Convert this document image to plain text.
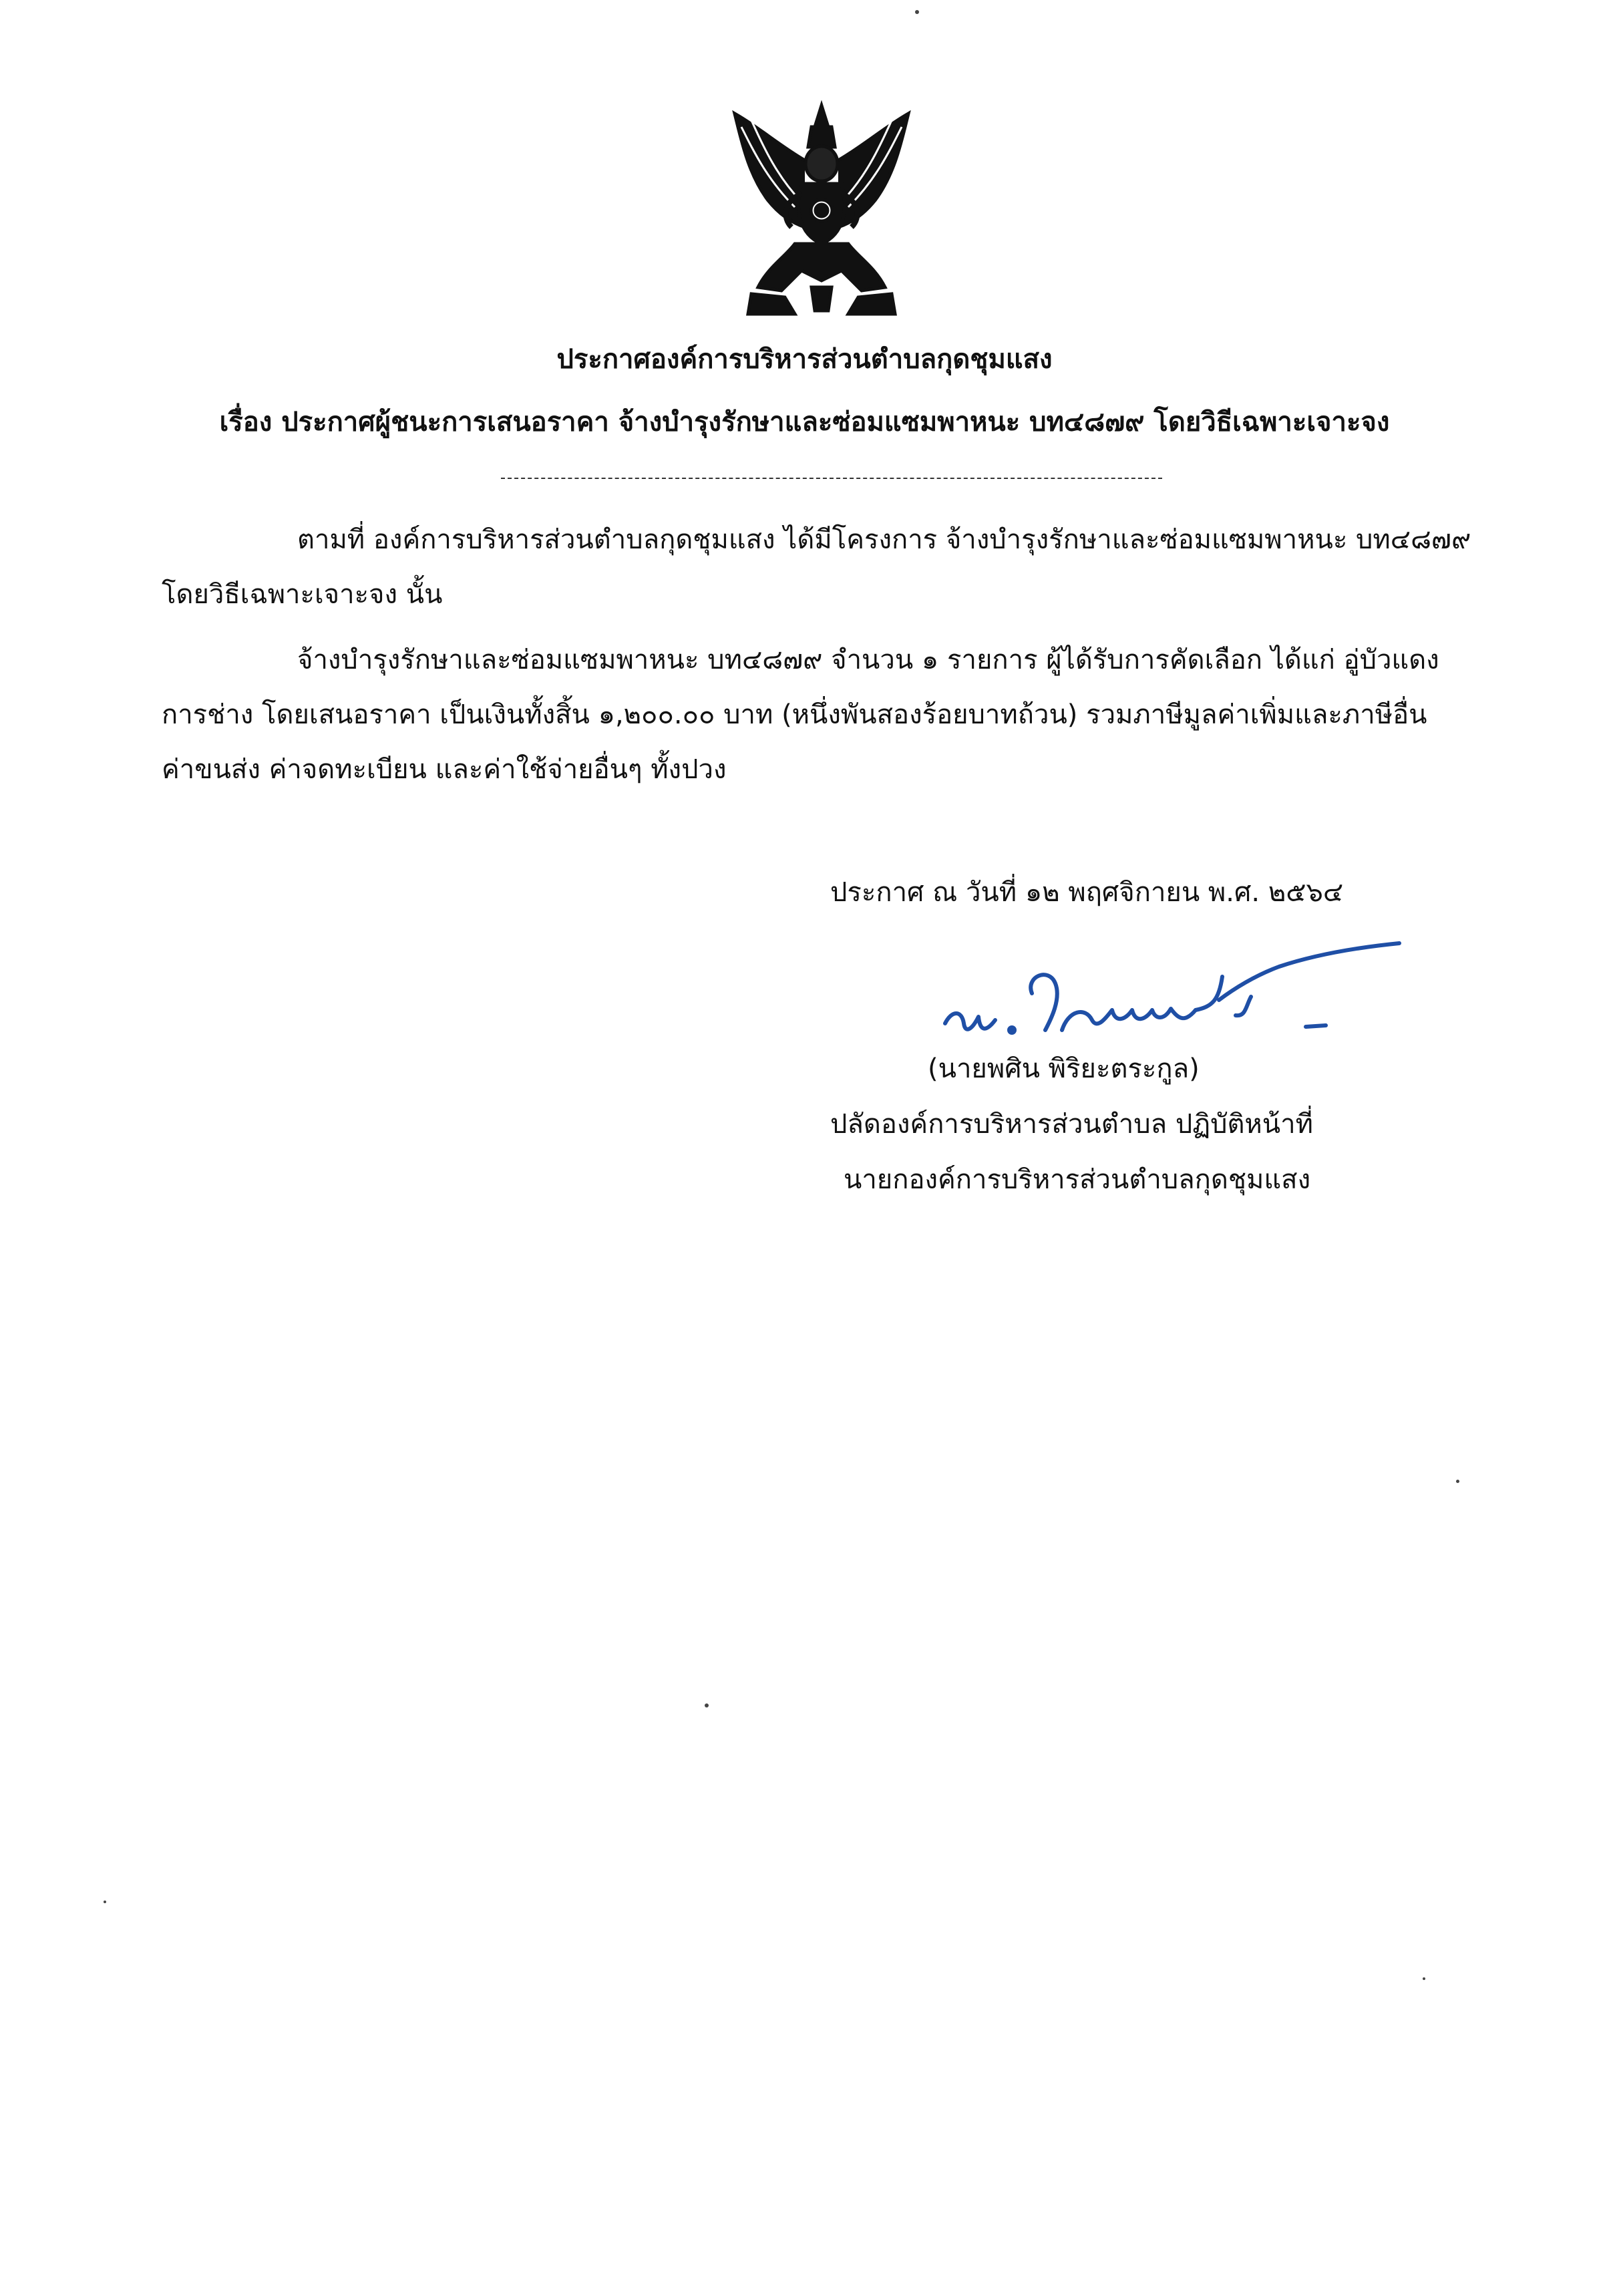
ประกาศองค์การบริหารส่วนตำบลกุดชุมแสง
เรื่อง ประกาศผู้ชนะการเสนอราคา จ้างบำรุงรักษาและซ่อมแซมพาหนะ บท๔๘๗๙ โดยวิธีเฉพาะเจาะจง
ตามที่ องค์การบริหารส่วนตำบลกุดชุมแสง ได้มีโครงการ จ้างบำรุงรักษาและซ่อมแซมพาหนะ บท๔๘๗๙
โดยวิธีเฉพาะเจาะจง นั้น
จ้างบำรุงรักษาและซ่อมแซมพาหนะ บท๔๘๗๙ จำนวน ๑ รายการ ผู้ได้รับการคัดเลือก ได้แก่ อู่บัวแดง
การช่าง โดยเสนอราคา เป็นเงินทั้งสิ้น ๑,๒๐๐.๐๐ บาท (หนึ่งพันสองร้อยบาทถ้วน) รวมภาษีมูลค่าเพิ่มและภาษีอื่น
ค่าขนส่ง ค่าจดทะเบียน และค่าใช้จ่ายอื่นๆ ทั้งปวง
ประกาศ ณ วันที่ ๑๒ พฤศจิกายน พ.ศ. ๒๕๖๔
(นายพศิน พิริยะตระกูล)
ปลัดองค์การบริหารส่วนตำบล ปฏิบัติหน้าที่
นายกองค์การบริหารส่วนตำบลกุดชุมแสง
